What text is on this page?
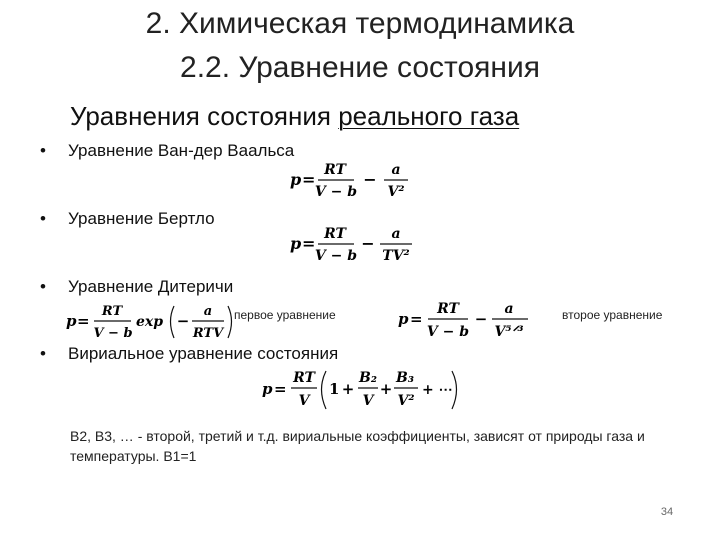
2. Химическая термодинамика
2.2. Уравнение состояния
Уравнения состояния реального газа
• Уравнение Ван-дер Ваальса
p = RT
V − b
− a
V²
• Уравнение Бертло
p = RT
V − b
− a
TV²
• Уравнение Дитеричи
p =
RT
V − b
exp −
a
RTV
первое уравнение	p =
RT
V − b
−
a
V⁵ᐟ³
второе уравнение
• Вириальное уравнение состояния
p =
RT
V
1 +
B₂
V
+
B₃
V²
+ ⋯
B2, B3, … - второй, третий и т.д. вириальные коэффициенты, зависят от природы газа и температуры. B1=1
34
